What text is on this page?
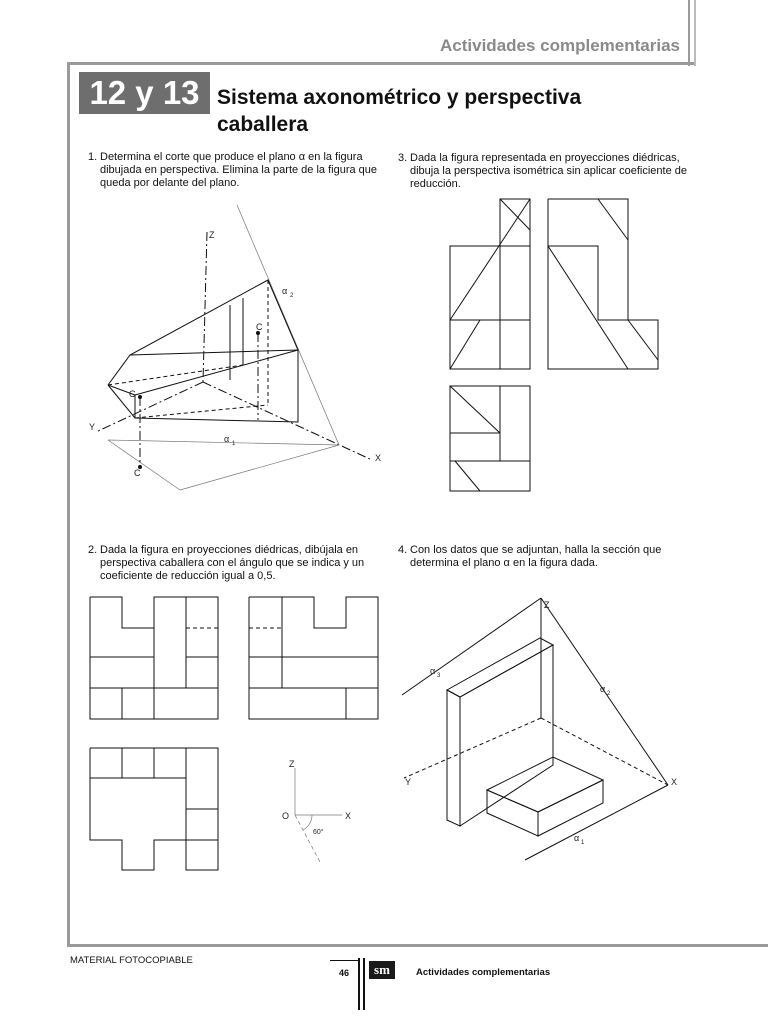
Actividades complementarias
12 y 13 Sistema axonométrico y perspectiva
caballera
1. Determina el corte que produce el plano α en la figura dibujada en perspectiva. Elimina la parte de la figura que queda por delante del plano.
2. Dada la figura en proyecciones diédricas, dibújala en perspectiva caballera con el ángulo que se indica y un coeficiente de reducción igual a 0,5.
3. Dada la figura representada en proyecciones diédricas, dibuja la perspectiva isométrica sin aplicar coeficiente de reducción.
4. Con los datos que se adjuntan, halla la sección que determina el plano α en la figura dada.
Z
Y
X
α 2
α 1
C
C
C
Z
O	X
60°
Z
Y	X
α 3
α 2
α 1
MATERIAL FOTOCOPIABLE
46	sm	Actividades complementarias
